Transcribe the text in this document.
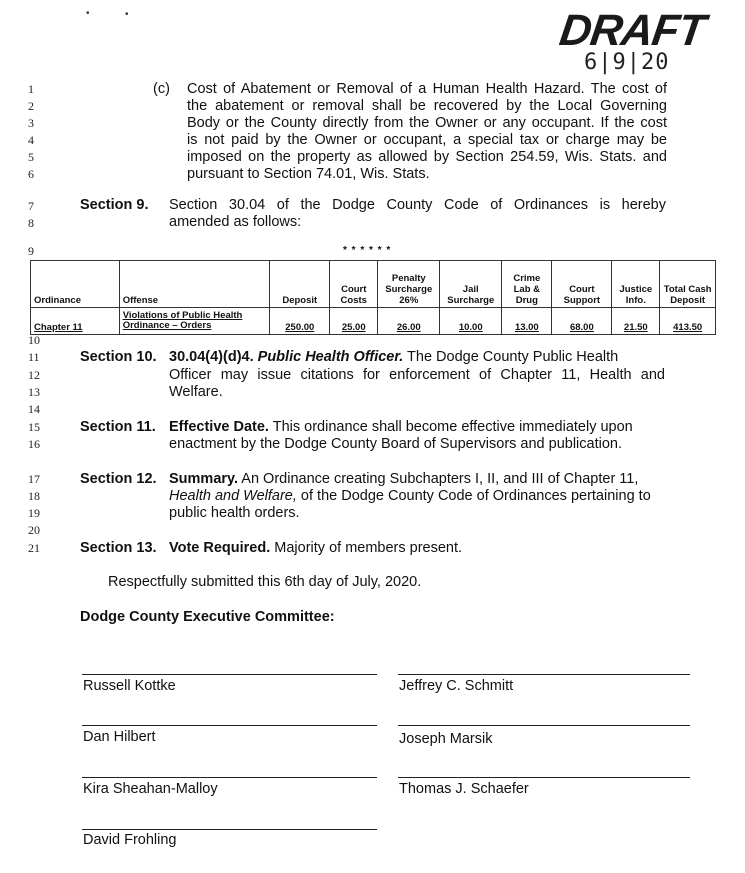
•	•	DRAFT
6|9|20
1
2
3
4
5
6
7
8
9
10
11
12
13
14
15
16
17
18
19
20
21
(c) Cost of Abatement or Removal of a Human Health Hazard. The cost of
the abatement or removal shall be recovered by the Local Governing
Body or the County directly from the Owner or any occupant. If the cost
is not paid by the Owner or occupant, a special tax or charge may be
imposed on the property as allowed by Section 254.59, Wis. Stats. and
pursuant to Section 74.01, Wis. Stats.
Section 9. Section 30.04 of the Dodge County Code of Ordinances is hereby
amended as follows:
* * * * * *
Ordinance	Offense	Deposit	Court Costs	Penalty Surcharge 26%	Jail Surcharge	Crime Lab & Drug	Court Support	Justice Info.	Total Cash Deposit
Chapter 11	Violations of Public Health
Ordinance – Orders	250.00	25.00	26.00	10.00	13.00	68.00	21.50	413.50
Section 10. 30.04(4)(d)4. Public Health Officer. The Dodge County Public Health
Officer may issue citations for enforcement of Chapter 11, Health and
Welfare.
Section 11. Effective Date. This ordinance shall become effective immediately upon
enactment by the Dodge County Board of Supervisors and publication.
Section 12. Summary. An Ordinance creating Subchapters I, II, and III of Chapter 11,
Health and Welfare, of the Dodge County Code of Ordinances pertaining to
public health orders.
Section 13. Vote Required. Majority of members present.
Respectfully submitted this 6th day of July, 2020.
Dodge County Executive Committee:
Russell Kottke	Jeffrey C. Schmitt
Dan Hilbert	Joseph Marsik
Kira Sheahan-Malloy	Thomas J. Schaefer
David Frohling
